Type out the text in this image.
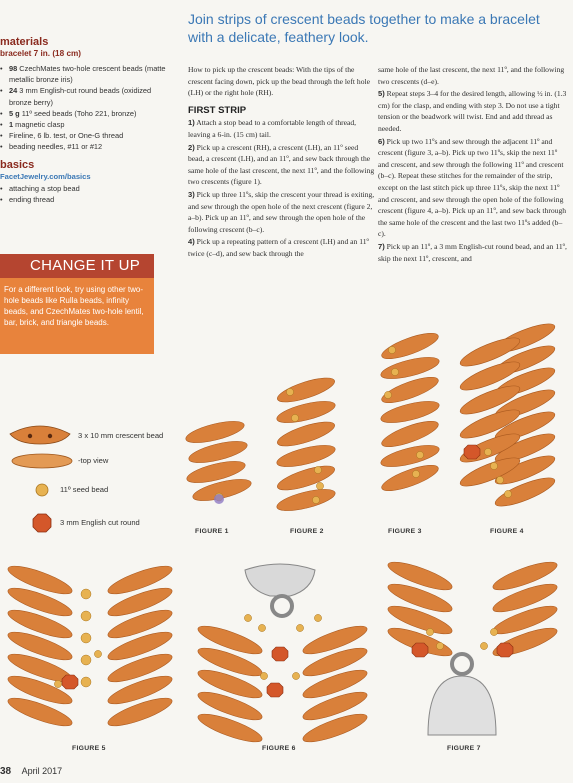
materials
bracelet 7 in. (18 cm)
• 98 CzechMates two-hole crescent beads (matte metallic bronze iris)
• 24 3 mm English-cut round beads (oxidized bronze berry)
• 5 g 11º seed beads (Toho 221, bronze)
• 1 magnetic clasp
• Fireline, 6 lb. test, or One-G thread
• beading needles, #11 or #12
basics
FacetJewelry.com/basics
• attaching a stop bead
• ending thread
CHANGE IT UP
For a different look, try using other two-hole beads like Rulla beads, infinity beads, and CzechMates two-hole lentil, bar, brick, and triangle beads.
Join strips of crescent beads together to make a bracelet with a delicate, feathery look.

How to pick up the crescent beads: With the tips of the crescent facing down, pick up the bead through the left hole (LH) or the right hole (RH).

FIRST STRIP

1) Attach a stop bead to a comfortable length of thread, leaving a 6-in. (15 cm) tail.

2) Pick up a crescent (RH), a crescent (LH), an 11º seed bead, a crescent (LH), and an 11º, and sew back through the same hole of the last crescent, the next 11º, and the following two crescents (figure 1).

3) Pick up three 11ºs, skip the crescent your thread is exiting, and sew through the open hole of the next crescent (figure 2, a–b). Pick up an 11º, and sew through the open hole of the following crescent (b–c).

4) Pick up a repeating pattern of a crescent (LH) and an 11º twice (c–d), and sew back through the

same hole of the last crescent, the next 11º, and the following two crescents (d–e).

5) Repeat steps 3–4 for the desired length, allowing ½ in. (1.3 cm) for the clasp, and ending with step 3. Do not use a tight tension or the beadwork will twist. End and add thread as needed.

6) Pick up two 11ºs and sew through the adjacent 11º and crescent (figure 3, a–b). Pick up two 11ºs, skip the next 11º and crescent, and sew through the following 11º and crescent (b–c). Repeat these stitches for the remainder of the strip, except on the last stitch pick up three 11ºs, skip the next 11º and crescent, and sew through the open hole of the following crescent (figure 4, a–b). Pick up an 11º, and sew back through the same hole of the crescent and the last two 11ºs added (b–c).

7) Pick up an 11º, a 3 mm English-cut round bead, and an 11º, skip the next 11º, crescent, and

3 x 10 mm crescent bead
-top view
11º seed bead
3 mm English cut round
FIGURE 1	FIGURE 2	FIGURE 3	FIGURE 4
FIGURE 5	FIGURE 6	FIGURE 7
38 April 2017
